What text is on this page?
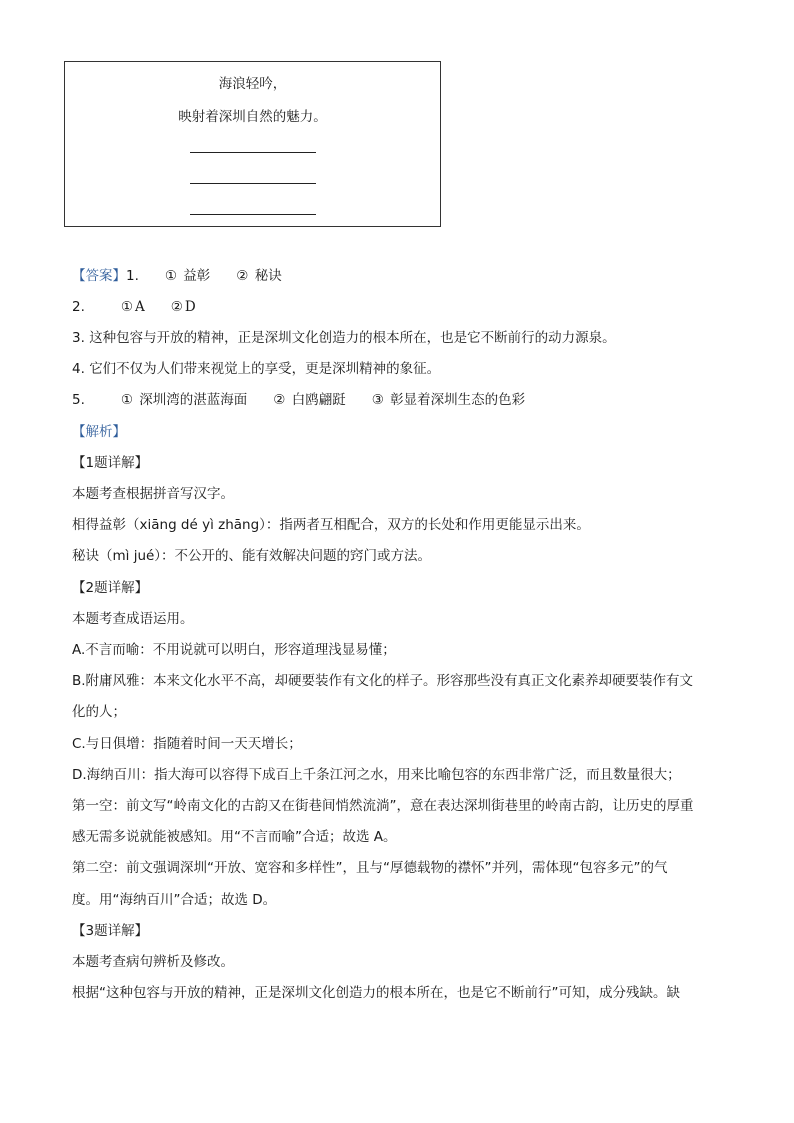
海浪轻吟，
映射着深圳自然的魅力。
【答案】1. ① 益彰 ② 秘诀
2.	① A ② D
3. 这种包容与开放的精神，正是深圳文化创造力的根本所在，也是它不断前行的动力源泉。
4. 它们不仅为人们带来视觉上的享受，更是深圳精神的象征。
5.	① 深圳湾的湛蓝海面 ② 白鸥翩跹 ③ 彰显着深圳生态的色彩
【解析】
【1题详解】
本题考查根据拼音写汉字。
相得益彰（xiāng dé yì zhāng）：指两者互相配合，双方的长处和作用更能显示出来。
秘诀（mì jué）：不公开的、能有效解决问题的窍门或方法。
【2题详解】
本题考查成语运用。
A.不言而喻：不用说就可以明白，形容道理浅显易懂；
B.附庸风雅：本来文化水平不高，却硬要装作有文化的样子。形容那些没有真正文化素养却硬要装作有文
化的人；
C.与日俱增：指随着时间一天天增长；
D.海纳百川：指大海可以容得下成百上千条江河之水，用来比喻包容的东西非常广泛，而且数量很大；
第一空：前文写“岭南文化的古韵又在街巷间悄然流淌”，意在表达深圳街巷里的岭南古韵，让历史的厚重
感无需多说就能被感知。用“不言而喻”合适；故选 A。
第二空：前文强调深圳“开放、宽容和多样性”，且与“厚德载物的襟怀”并列，需体现“包容多元”的气
度。用“海纳百川”合适；故选 D。
【3题详解】
本题考查病句辨析及修改。
根据“这种包容与开放的精神，正是深圳文化创造力的根本所在，也是它不断前行”可知，成分残缺。缺
